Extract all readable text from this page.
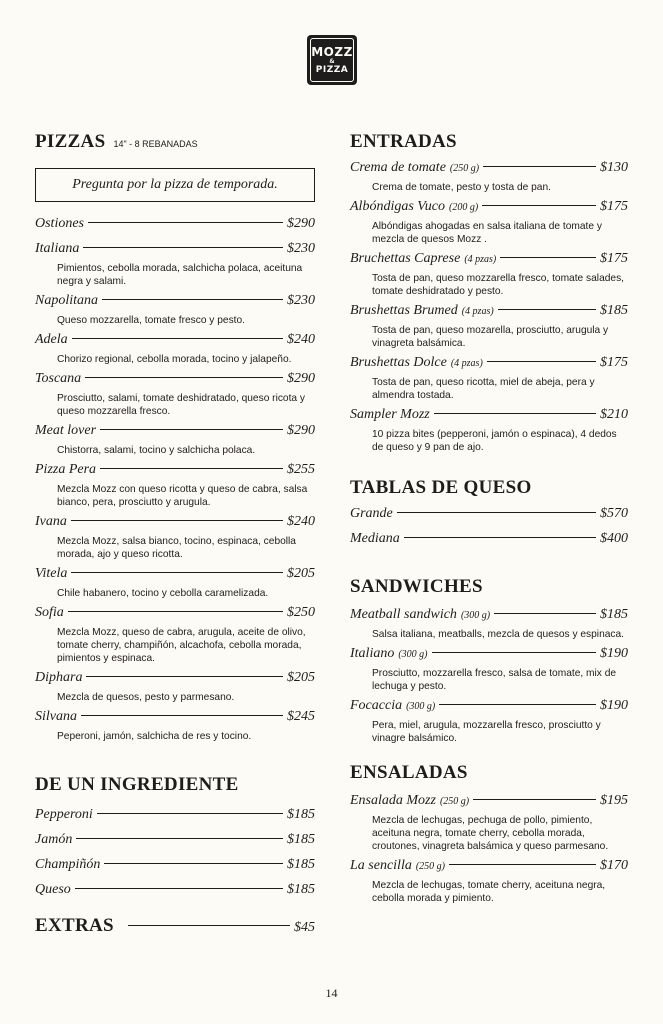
MOZZ
&
PIZZA
PIZZAS 14" - 8 REBANADAS
Pregunta por la pizza de temporada.
Ostiones	$290
Italiana	$230
Pimientos, cebolla morada, salchicha polaca, aceituna negra y salami.
Napolitana	$230
Queso mozzarella, tomate fresco y pesto.
Adela	$240
Chorizo regional, cebolla morada, tocino y jalapeño.
Toscana	$290
Prosciutto, salami, tomate deshidratado, queso ricota y queso mozzarella fresco.
Meat lover	$290
Chistorra, salami, tocino y salchicha polaca.
Pizza Pera	$255
Mezcla Mozz con queso ricotta y queso de cabra, salsa bianco, pera, prosciutto y arugula.
Ivana	$240
Mezcla Mozz, salsa bianco, tocino, espinaca, cebolla morada, ajo y queso ricotta.
Vitela	$205
Chile habanero, tocino y cebolla caramelizada.
Sofia	$250
Mezcla Mozz, queso de cabra, arugula, aceite de olivo, tomate cherry, champiñón, alcachofa, cebolla morada, pimientos y espinaca.
Diphara	$205
Mezcla de quesos, pesto y parmesano.
Silvana	$245
Peperoni, jamón, salchicha de res y tocino.
DE UN INGREDIENTE
Pepperoni	$185
Jamón	$185
Champiñón	$185
Queso	$185
EXTRAS	$45
ENTRADAS
Crema de tomate (250 g)	$130
Crema de tomate, pesto y tosta de pan.
Albóndigas Vuco (200 g)	$175
Albóndigas ahogadas en salsa italiana de tomate y mezcla de quesos Mozz .
Bruchettas Caprese (4 pzas)	$175
Tosta de pan, queso mozzarella fresco, tomate salades, tomate deshidratado y pesto.
Brushettas Brumed (4 pzas)	$185
Tosta de pan, queso mozarella, prosciutto, arugula y vinagreta balsámica.
Brushettas Dolce (4 pzas)	$175
Tosta de pan, queso ricotta, miel de abeja, pera y almendra tostada.
Sampler Mozz	$210
10 pizza bites (pepperoni, jamón o espinaca), 4 dedos de queso y 9 pan de ajo.
TABLAS DE QUESO
Grande	$570
Mediana	$400
SANDWICHES
Meatball sandwich (300 g)	$185
Salsa italiana, meatballs, mezcla de quesos y espinaca.
Italiano (300 g)	$190
Prosciutto, mozzarella fresco, salsa de tomate, mix de lechuga y pesto.
Focaccia (300 g)	$190
Pera, miel, arugula, mozzarella fresco, prosciutto y vinagre balsámico.
ENSALADAS
Ensalada Mozz (250 g)	$195
Mezcla de lechugas, pechuga de pollo, pimiento, aceituna negra, tomate cherry, cebolla morada, croutones, vinagreta balsámica y queso parmesano.
La sencilla (250 g)	$170
Mezcla de lechugas, tomate cherry, aceituna negra, cebolla morada y pimiento.
14
